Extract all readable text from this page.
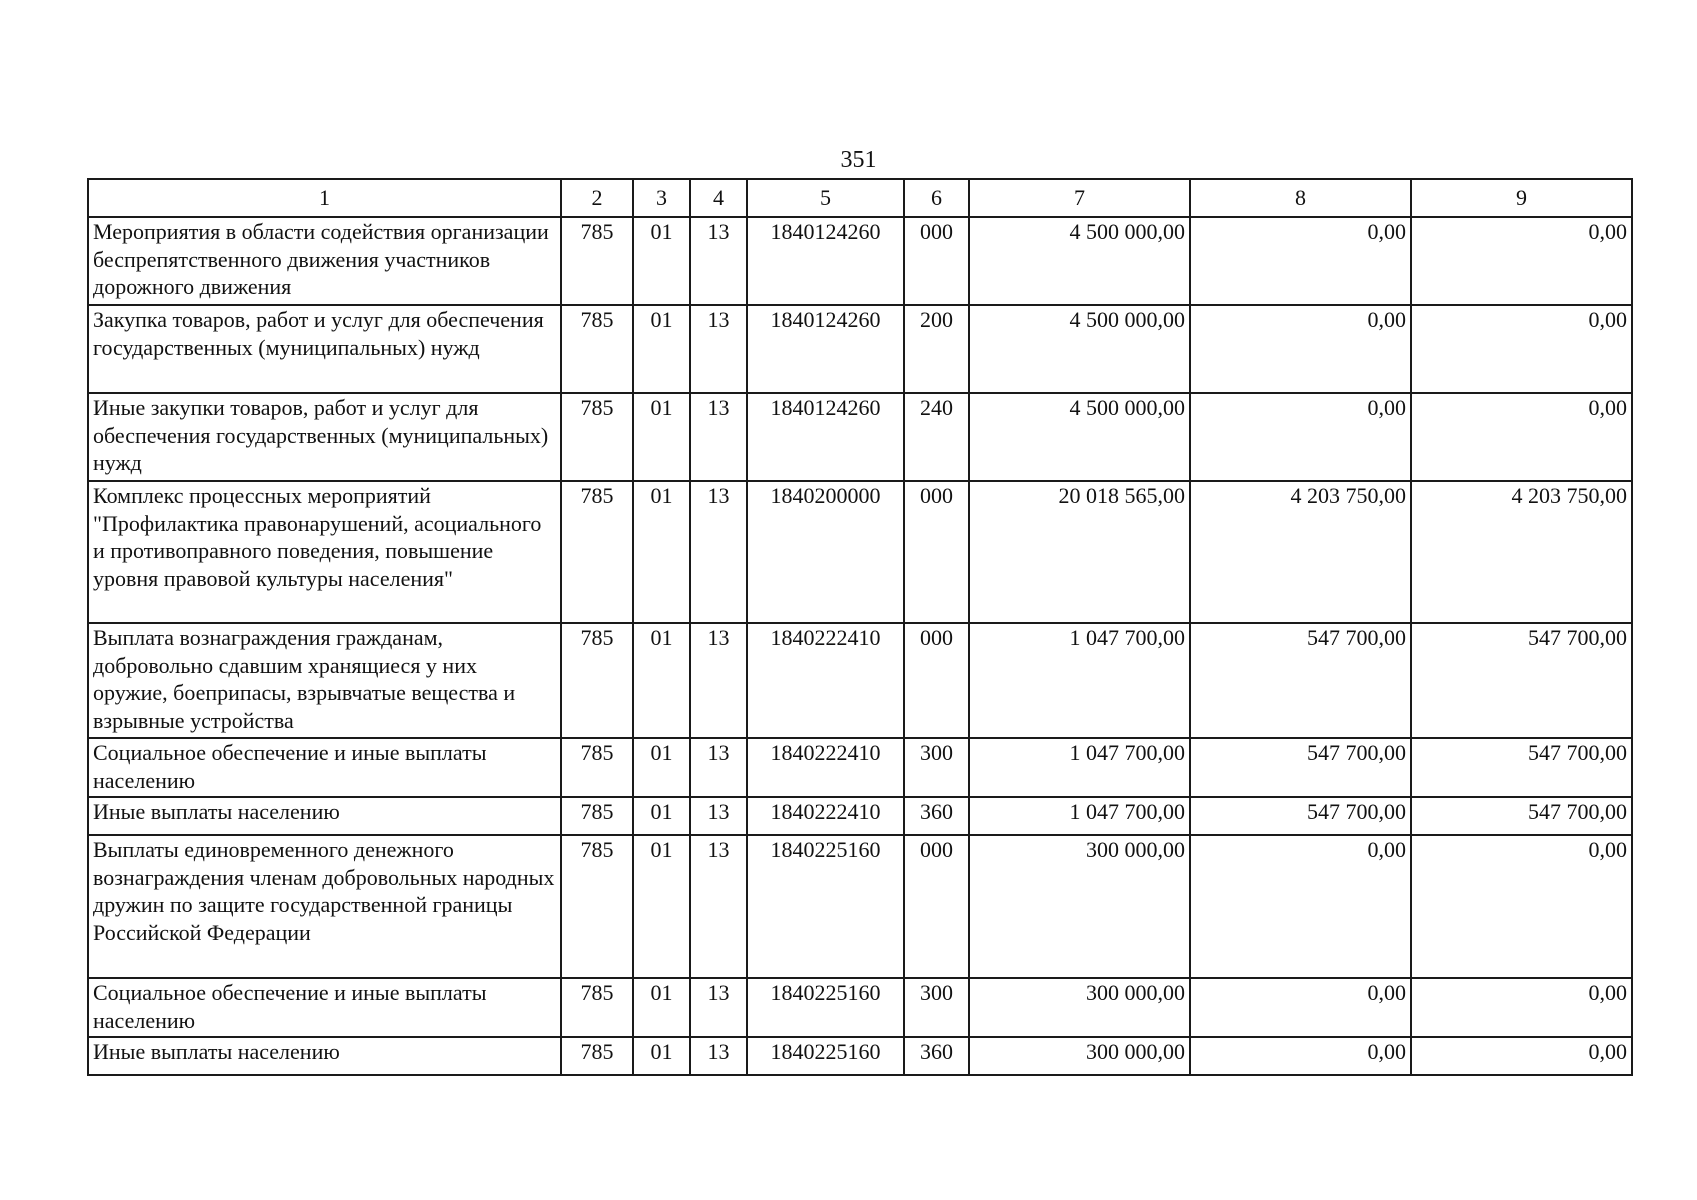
351
1	2	3	4	5	6	7	8	9
Мероприятия в области содействия организации беспрепятственного движения участников дорожного движения	785	01	13	1840124260	000	4 500 000,00	0,00	0,00
Закупка товаров, работ и услуг для обеспечения государственных (муниципальных) нужд	785	01	13	1840124260	200	4 500 000,00	0,00	0,00
Иные закупки товаров, работ и услуг для обеспечения государственных (муниципальных) нужд	785	01	13	1840124260	240	4 500 000,00	0,00	0,00
Комплекс процессных мероприятий "Профилактика правонарушений, асоциального и противоправного поведения, повышение уровня правовой культуры населения"	785	01	13	1840200000	000	20 018 565,00	4 203 750,00	4 203 750,00
Выплата вознаграждения гражданам, добровольно сдавшим хранящиеся у них оружие, боеприпасы, взрывчатые вещества и взрывные устройства	785	01	13	1840222410	000	1 047 700,00	547 700,00	547 700,00
Социальное обеспечение и иные выплаты населению	785	01	13	1840222410	300	1 047 700,00	547 700,00	547 700,00
Иные выплаты населению	785	01	13	1840222410	360	1 047 700,00	547 700,00	547 700,00
Выплаты единовременного денежного вознаграждения членам добровольных народных дружин по защите государственной границы Российской Федерации	785	01	13	1840225160	000	300 000,00	0,00	0,00
Социальное обеспечение и иные выплаты населению	785	01	13	1840225160	300	300 000,00	0,00	0,00
Иные выплаты населению	785	01	13	1840225160	360	300 000,00	0,00	0,00
